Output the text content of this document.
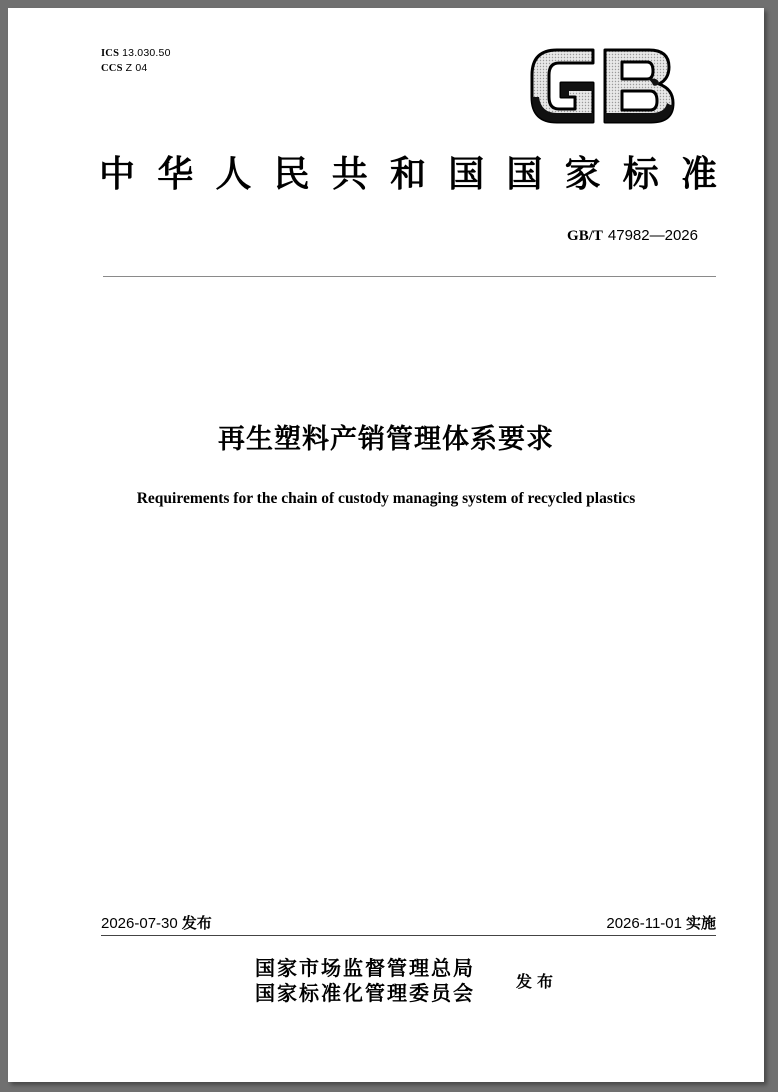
ICS 13.030.50
CCS Z 04
中华人民共和国国家标准
GB/T 47982—2026
再生塑料产销管理体系要求
Requirements for the chain of custody managing system of recycled plastics
2026-07-30 发布	2026-11-01 实施
国家市场监督管理总局
国家标准化管理委员会	发布
